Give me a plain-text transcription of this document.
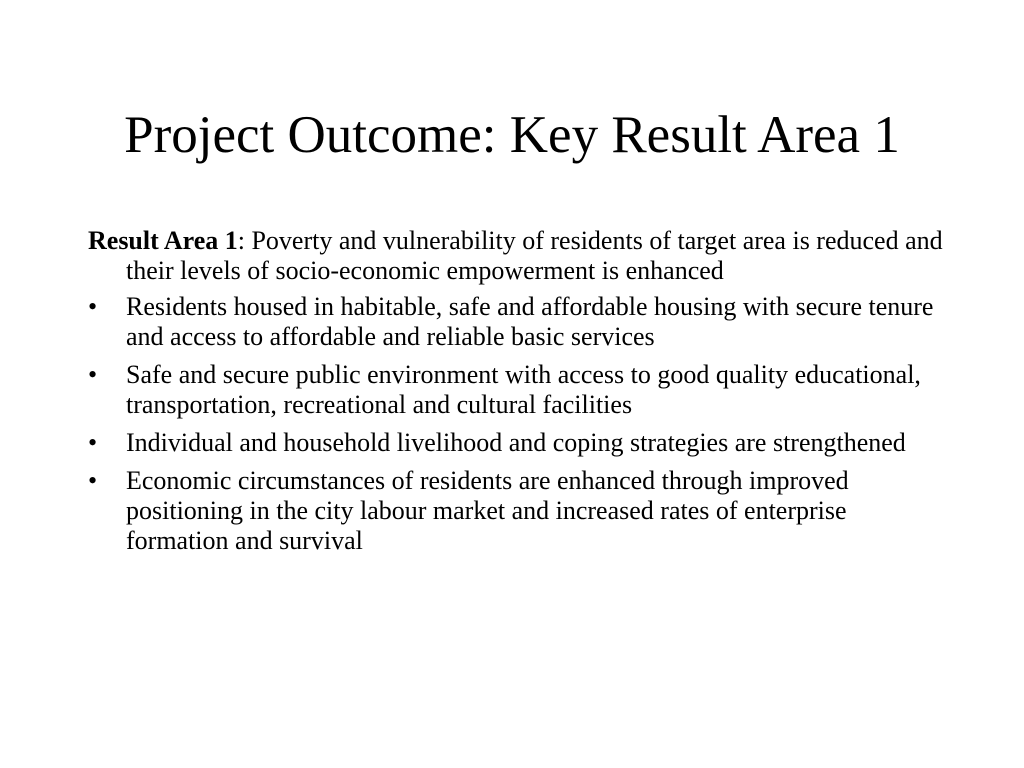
Project Outcome: Key Result Area 1

Result Area 1: Poverty and vulnerability of residents of target area is reduced and their levels of socio-economic empowerment is enhanced

•	Residents housed in habitable, safe and affordable housing with secure tenure and access to affordable and reliable basic services
•	Safe and secure public environment with access to good quality educational, transportation, recreational and cultural facilities
•	Individual and household livelihood and coping strategies are strengthened
•	Economic circumstances of residents are enhanced through improved positioning in the city labour market and increased rates of enterprise formation and survival
